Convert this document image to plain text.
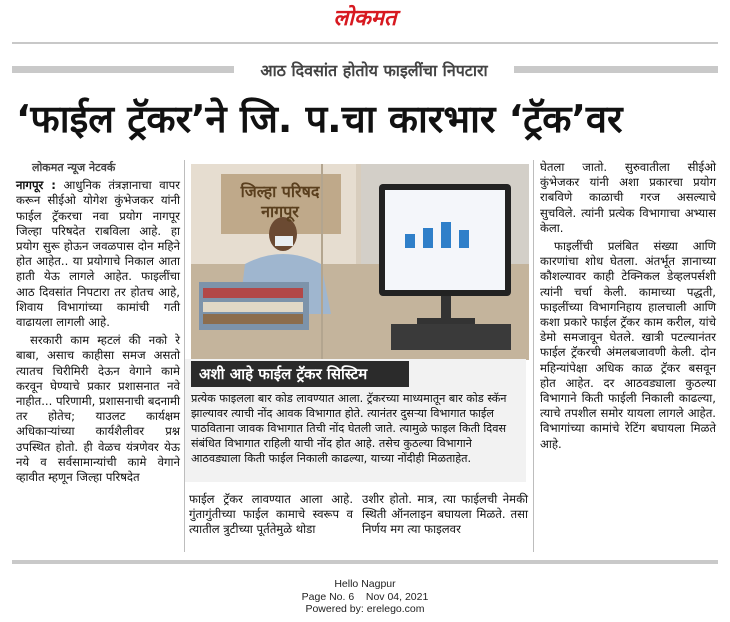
लोकमत
आठ दिवसांत होतोय फाइलींचा निपटारा
‘फाईल ट्रॅकर’ने जि. प.चा कारभार ‘ट्रॅक’वर

लोकमत न्यूज नेटवर्क

नागपूर : आधुनिक तंत्रज्ञानाचा वापर करून सीईओ योगेश कुंभेजकर यांनी फाईल ट्रॅकरचा नवा प्रयोग नागपूर जिल्हा परिषदेत राबविला आहे. हा प्रयोग सुरू होऊन जवळपास दोन महिने होत आहेत.. या प्रयोगाचे निकाल आता हाती येऊ लागले आहेत. फाइलींचा आठ दिवसांत निपटारा तर होतच आहे, शिवाय विभागांच्या कामांची गती वाढायला लागली आहे.

सरकारी काम म्हटलं की नको रे बाबा, असाच काहीसा समज असतो त्यातच चिरीमिरी देऊन वेगाने कामे करवून घेण्याचे प्रकार प्रशासनात नवे नाहीत... परिणामी, प्रशासनाची बदनामी तर होतेच; याउलट कार्यक्षम अधिकाऱ्यांच्या कार्यशैलीवर प्रश्न उपस्थित होतो. ही वेळच यंत्रणेवर येऊ नये व सर्वसामान्यांची कामे वेगाने व्हावीत म्हणून जिल्हा परिषदेत

जिल्हा परिषद नागपूर
अशी आहे फाईल ट्रॅकर सिस्टिम
प्रत्येक फाइलला बार कोड लावण्यात आला. ट्रॅकरच्या माध्यमातून बार कोड स्कॅन झाल्यावर त्याची नोंद आवक विभागात होते. त्यानंतर दुसऱ्या विभागात फाईल पाठविताना जावक विभागात तिची नोंद घेतली जाते. त्यामुळे फाइल किती दिवस संबंधित विभागात राहिली याची नोंद होत आहे. तसेच कुठल्या विभागाने आठवड्याला किती फाईल निकाली काढल्या, याच्या नोंदीही मिळताहेत.
फाईल ट्रॅकर लावण्यात आला आहे. गुंतागुंतीच्या फाईल कामाचे स्वरूप व त्यातील त्रुटीच्या पूर्ततेमुळे थोडा
उशीर होतो. मात्र, त्या फाईलची नेमकी स्थिती ऑनलाइन बघायला मिळते. तसा निर्णय मग त्या फाइलवर

घेतला जातो. सुरुवातीला सीईओ कुंभेजकर यांनी अशा प्रकारचा प्रयोग राबविणे काळाची गरज असल्याचे सुचविले. त्यांनी प्रत्येक विभागाचा अभ्यास केला.

फाइलींची प्रलंबित संख्या आणि कारणांचा शोध घेतला. अंतर्भूत ज्ञानाच्या कौशल्यावर काही टेक्निकल डेव्हलपर्सशी त्यांनी चर्चा केली. कामाच्या पद्धती, फाइलींच्या विभागनिहाय हालचाली आणि कशा प्रकारे फाईल ट्रॅकर काम करील, यांचे डेमो समजावून घेतले. खात्री पटल्यानंतर फाईल ट्रॅकरची अंमलबजावणी केली. दोन महिन्यांपेक्षा अधिक काळ ट्रॅकर बसवून होत आहेत. दर आठवड्याला कुठल्या विभागाने किती फाईली निकाली काढल्या, त्याचे तपशील समोर यायला लागले आहेत. विभागांच्या कामांचे रेटिंग बघायला मिळते आहे.

Hello Nagpur
Page No. 6    Nov 04, 2021
Powered by: erelego.com
